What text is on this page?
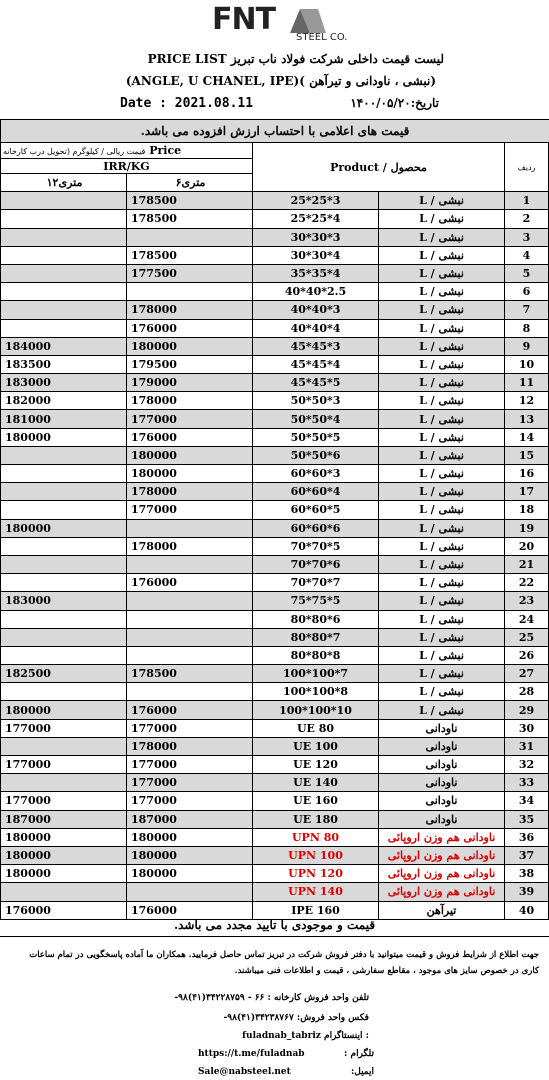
FNT
STEEL CO.
لیست قیمت داخلی شرکت فولاد ناب تبریز PRICE LIST
(نبشی ، ناودانی و تیرآهن )(ANGLE, U CHANEL, IPE)
Date : 2021.08.11	تاریخ:۱۴۰۰/۰۵/۲۰
قیمت های اعلامی با احتساب ارزش افزوده می باشد.
قیمت ریالی / کیلوگرم (تحویل درب کارخانه Price		Product / محصول		ردیف
IRR/KG				
۱۲متری	۶متری			
	178500	25*25*3	نبشی / L	1
	178500	25*25*4	نبشی / L	2
		30*30*3	نبشی / L	3
	178500	30*30*4	نبشی / L	4
	177500	35*35*4	نبشی / L	5
		40*40*2.5	نبشی / L	6
	178000	40*40*3	نبشی / L	7
	176000	40*40*4	نبشی / L	8
184000	180000	45*45*3	نبشی / L	9
183500	179500	45*45*4	نبشی / L	10
183000	179000	45*45*5	نبشی / L	11
182000	178000	50*50*3	نبشی / L	12
181000	177000	50*50*4	نبشی / L	13
180000	176000	50*50*5	نبشی / L	14
	180000	50*50*6	نبشی / L	15
	180000	60*60*3	نبشی / L	16
	178000	60*60*4	نبشی / L	17
	177000	60*60*5	نبشی / L	18
180000		60*60*6	نبشی / L	19
	178000	70*70*5	نبشی / L	20
		70*70*6	نبشی / L	21
	176000	70*70*7	نبشی / L	22
183000		75*75*5	نبشی / L	23
		80*80*6	نبشی / L	24
		80*80*7	نبشی / L	25
		80*80*8	نبشی / L	26
182500	178500	100*100*7	نبشی / L	27
		100*100*8	نبشی / L	28
180000	176000	100*100*10	نبشی / L	29
177000	177000	UE 80	ناودانی	30
	178000	UE 100	ناودانی	31
177000	177000	UE 120	ناودانی	32
	177000	UE 140	ناودانی	33
177000	177000	UE 160	ناودانی	34
187000	187000	UE 180	ناودانی	35
180000	180000	UPN 80	ناودانی هم وزن اروپائی	36
180000	180000	UPN 100	ناودانی هم وزن اروپائی	37
180000	180000	UPN 120	ناودانی هم وزن اروپائی	38
		UPN 140	ناودانی هم وزن اروپائی	39
176000	176000	IPE 160	تیرآهن	40
قیمت و موجودی با تایید مجدد می باشد.
جهت اطلاع از شرایط فروش و قیمت میتوانید با دفتر فروش شرکت در تبریز تماس حاصل فرمایید. همکاران ما آماده پاسخگویی در تمام ساعات کاری در خصوص سایز های موجود ، مقاطع سفارشی ، قیمت و اطلاعات فنی میباشند.
تلفن واحد فروش کارخانه : ۶۶ - ۳۴۲۲۸۷۵۹(۴۱)۹۸-
فکس واحد فروش: ۳۴۲۳۸۷۶۷(۴۱)۹۸-
fuladnab_tabriz اینستاگرام :
https://t.me/fuladnab	تلگرام :
Sale@nabsteel.net	ایمیل:
